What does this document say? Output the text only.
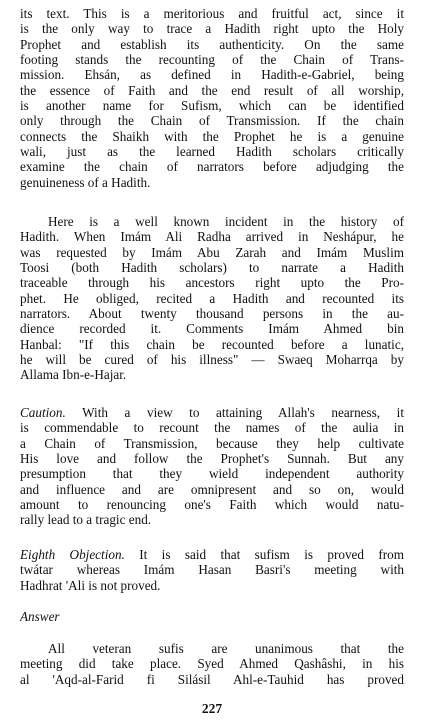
its text. This is a meritorious and fruitful act, since it
is the only way to trace a Hadith right upto the Holy
Prophet and establish its authenticity. On the same
footing stands the recounting of the Chain of Trans-
mission. Ehsán, as defined in Hadith-e-Gabriel, being
the essence of Faith and the end result of all worship,
is another name for Sufism, which can be identified
only through the Chain of Transmission. If the chain
connects the Shaikh with the Prophet he is a genuine
wali, just as the learned Hadith scholars critically
examine the chain of narrators before adjudging the
genuineness of a Hadith.
Here is a well known incident in the history of
Hadith. When Imám Ali Radha arrived in Neshápur, he
was requested by Imám Abu Zarah and Imám Muslim
Toosi (both Hadith scholars) to narrate a Hadith
traceable through his ancestors right upto the Pro-
phet. He obliged, recited a Hadith and recounted its
narrators. About twenty thousand persons in the au-
dience recorded it. Comments Imám Ahmed bin
Hanbal: "If this chain be recounted before a lunatic,
he will be cured of his illness" — Swaeq Moharrqa by
Allama Ibn-e-Hajar.
Caution. With a view to attaining Allah's nearness, it
is commendable to recount the names of the aulia in
a Chain of Transmission, because they help cultivate
His love and follow the Prophet's Sunnah. But any
presumption that they wield independent authority
and influence and are omnipresent and so on, would
amount to renouncing one's Faith which would natu-
rally lead to a tragic end.
Eighth Objection. It is said that sufism is proved from
twátar whereas Imám Hasan Basri's meeting with
Hadhrat 'Ali is not proved.
Answer
All veteran sufis are unanimous that the
meeting did take place. Syed Ahmed Qashâshi, in his
al 'Aqd-al-Farid fi Silásil Ahl-e-Tauhid has proved
227
